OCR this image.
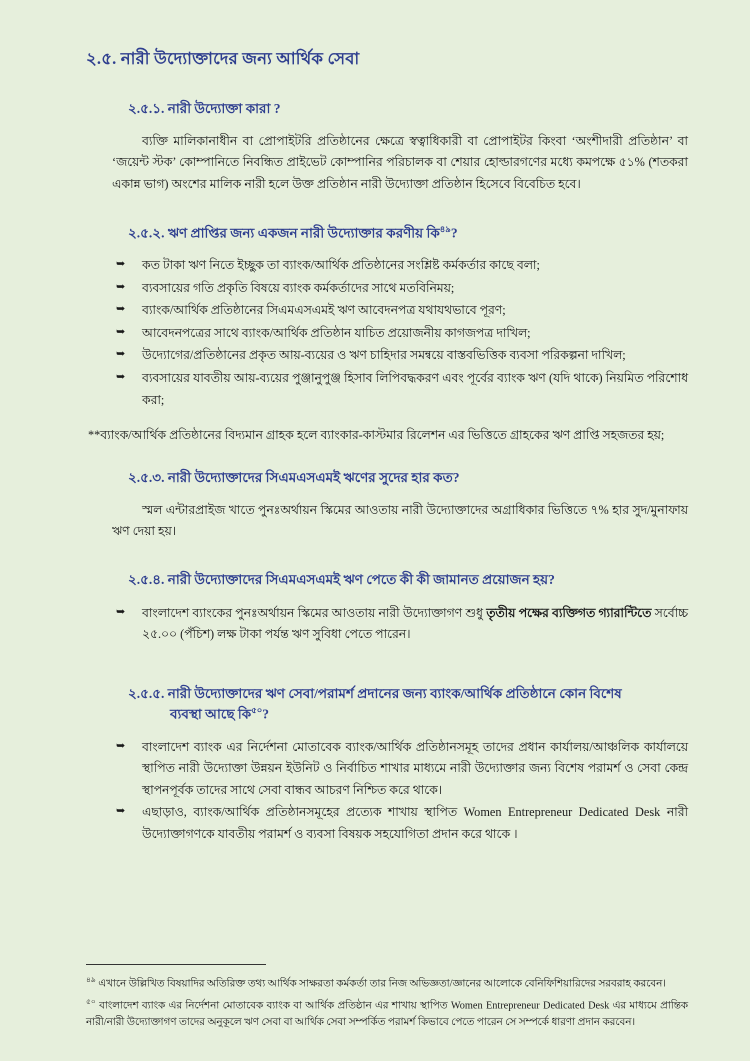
২.৫. নারী উদ্যোক্তাদের জন্য আর্থিক সেবা
২.৫.১. নারী উদ্যোক্তা কারা ?

ব্যক্তি মালিকানাধীন বা প্রোপাইটরি প্রতিষ্ঠানের ক্ষেত্রে স্বত্বাধিকারী বা প্রোপাইটর কিংবা ‘অংশীদারী প্রতিষ্ঠান’ বা ‘জয়েন্ট স্টক’ কোম্পানিতে নিবন্ধিত প্রাইভেট কোম্পানির পরিচালক বা শেয়ার হোল্ডারগণের মধ্যে কমপক্ষে ৫১% (শতকরা একান্ন ভাগ) অংশের মালিক নারী হলে উক্ত প্রতিষ্ঠান নারী উদ্যোক্তা প্রতিষ্ঠান হিসেবে বিবেচিত হবে।

২.৫.২. ঋণ প্রাপ্তির জন্য একজন নারী উদ্যোক্তার করণীয় কি$^{৪৯}$?
➥ কত টাকা ঋণ নিতে ইচ্ছুক তা ব্যাংক/আর্থিক প্রতিষ্ঠানের সংশ্লিষ্ট কর্মকর্তার কাছে বলা;
➥ ব্যবসায়ের গতি প্রকৃতি বিষয়ে ব্যাংক কর্মকর্তাদের সাথে মতবিনিময়;
➥ ব্যাংক/আর্থিক প্রতিষ্ঠানের সিএমএসএমই ঋণ আবেদনপত্র যথাযথভাবে পূরণ;
➥ আবেদনপত্রের সাথে ব্যাংক/আর্থিক প্রতিষ্ঠান যাচিত প্রয়োজনীয় কাগজপত্র দাখিল;
➥ উদ্যোগের/প্রতিষ্ঠানের প্রকৃত আয়-ব্যয়ের ও ঋণ চাহিদার সমন্বয়ে বাস্তবভিত্তিক ব্যবসা পরিকল্পনা দাখিল;
➥ ব্যবসায়ের যাবতীয় আয়-ব্যয়ের পুঞ্জানুপুঞ্জ হিসাব লিপিবদ্ধকরণ এবং পূর্বের ব্যাংক ঋণ (যদি থাকে) নিয়মিত পরিশোধ করা;

**ব্যাংক/আর্থিক প্রতিষ্ঠানের বিদ্যমান গ্রাহক হলে ব্যাংকার-কাস্টমার রিলেশন এর ভিত্তিতে গ্রাহকের ঋণ প্রাপ্তি সহজতর হয়;

২.৫.৩. নারী উদ্যোক্তাদের সিএমএসএমই ঋণের সুদের হার কত?

স্মল এন্টারপ্রাইজ খাতে পুনঃঅর্থায়ন স্কিমের আওতায় নারী উদ্যোক্তাদের অগ্রাধিকার ভিত্তিতে ৭% হার সুদ/মুনাফায় ঋণ দেয়া হয়।

২.৫.৪. নারী উদ্যোক্তাদের সিএমএসএমই ঋণ পেতে কী কী জামানত প্রয়োজন হয়?
➥ বাংলাদেশ ব্যাংকের পুনঃঅর্থায়ন স্কিমের আওতায় নারী উদ্যোক্তাগণ শুধু তৃতীয় পক্ষের ব্যক্তিগত গ্যারান্টিতে সর্বোচ্চ ২৫.০০ (পঁচিশ) লক্ষ টাকা পর্যন্ত ঋণ সুবিধা পেতে পারেন।
২.৫.৫. নারী উদ্যোক্তাদের ঋণ সেবা/পরামর্শ প্রদানের জন্য ব্যাংক/আর্থিক প্রতিষ্ঠানে কোন বিশেষ
ব্যবস্থা আছে কি$^{৫০}$?
➥ বাংলাদেশ ব্যাংক এর নির্দেশনা মোতাবেক ব্যাংক/আর্থিক প্রতিষ্ঠানসমূহ তাদের প্রধান কার্যালয়/আঞ্চলিক কার্যালয়ে স্থাপিত নারী উদ্যোক্তা উন্নয়ন ইউনিট ও নির্বাচিত শাখার মাধ্যমে নারী উদ্যোক্তার জন্য বিশেষ পরামর্শ ও সেবা কেন্দ্র স্থাপনপূর্বক তাদের সাথে সেবা বান্ধব আচরণ নিশ্চিত করে থাকে।
➥ এছাড়াও, ব্যাংক/আর্থিক প্রতিষ্ঠানসমূহের প্রত্যেক শাখায় স্থাপিত Women Entrepreneur Dedicated Desk নারী উদ্যোক্তাগণকে যাবতীয় পরামর্শ ও ব্যবসা বিষয়ক সহযোগিতা প্রদান করে থাকে ।
$^{৪৯}$ এখানে উল্লিখিত বিষয়াদির অতিরিক্ত তথ্য আর্থিক সাক্ষরতা কর্মকর্তা তার নিজ অভিজ্ঞতা/জ্ঞানের আলোকে বেনিফিশিয়ারিদের সরবরাহ করবেন।
$^{৫০}$ বাংলাদেশ ব্যাংক এর নির্দেশনা মোতাবেক ব্যাংক বা আর্থিক প্রতিষ্ঠান এর শাখায় স্থাপিত Women Entrepreneur Dedicated Desk এর মাধ্যমে প্রান্তিক নারী/নারী উদ্যোক্তাগণ তাদের অনুকূলে ঋণ সেবা বা আর্থিক সেবা সম্পর্কিত পরামর্শ কিভাবে পেতে পারেন সে সম্পর্কে ধারণা প্রদান করবেন।
